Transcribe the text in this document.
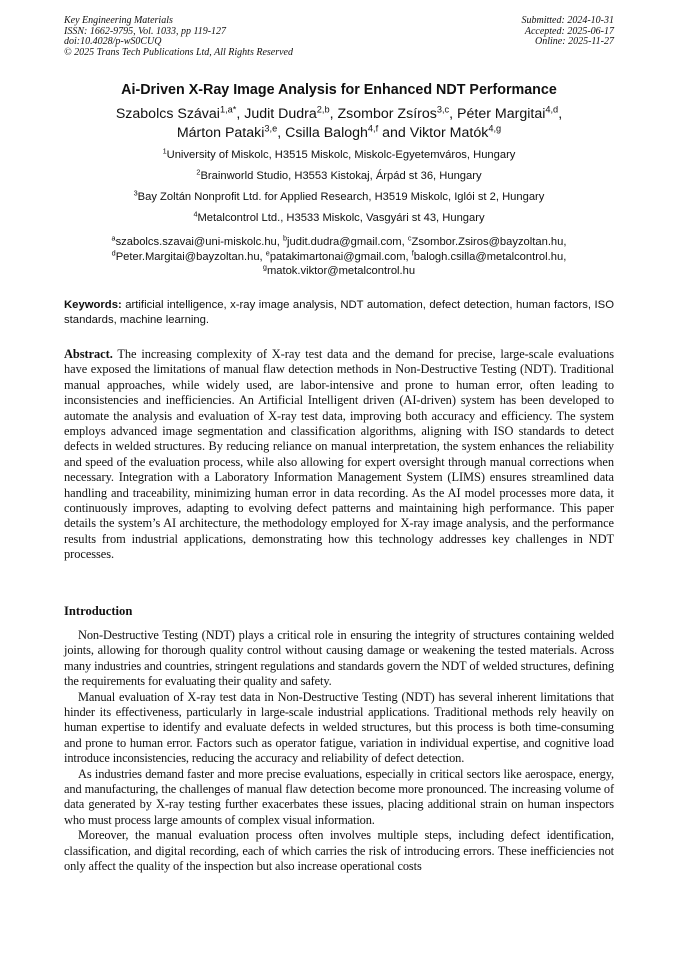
Key Engineering Materials
ISSN: 1662-9795, Vol. 1033, pp 119-127
doi:10.4028/p-wS0CUQ
© 2025 Trans Tech Publications Ltd, All Rights Reserved
Submitted: 2024-10-31
Accepted: 2025-06-17
Online: 2025-11-27
Ai-Driven X-Ray Image Analysis for Enhanced NDT Performance
Szabolcs Szávai$^{1,a*}$, Judit Dudra$^{2,b}$, Zsombor Zsíros$^{3,c}$, Péter Margitai$^{4,d}$,
Márton Pataki$^{3,e}$, Csilla Balogh$^{4,f}$ and Viktor Matók$^{4,g}$
$^1$University of Miskolc, H3515 Miskolc, Miskolc-Egyetemváros, Hungary
$^2$Brainworld Studio, H3553 Kistokaj, Árpád st 36, Hungary
$^3$Bay Zoltán Nonprofit Ltd. for Applied Research, H3519 Miskolc, Iglói st 2, Hungary
$^4$Metalcontrol Ltd., H3533 Miskolc, Vasgyári st 43, Hungary
$^a$szabolcs.szavai@uni-miskolc.hu, $^b$judit.dudra@gmail.com, $^c$Zsombor.Zsiros@bayzoltan.hu,
$^d$Peter.Margitai@bayzoltan.hu, $^e$patakimartonai@gmail.com, $^f$balogh.csilla@metalcontrol.hu,
$^g$matok.viktor@metalcontrol.hu
Keywords: artificial intelligence, x-ray image analysis, NDT automation, defect detection, human factors, ISO standards, machine learning.
Abstract. The increasing complexity of X-ray test data and the demand for precise, large-scale evaluations have exposed the limitations of manual flaw detection methods in Non-Destructive Testing (NDT). Traditional manual approaches, while widely used, are labor-intensive and prone to human error, often leading to inconsistencies and inefficiencies. An Artificial Intelligent driven (AI-driven) system has been developed to automate the analysis and evaluation of X-ray test data, improving both accuracy and efficiency. The system employs advanced image segmentation and classification algorithms, aligning with ISO standards to detect defects in welded structures. By reducing reliance on manual interpretation, the system enhances the reliability and speed of the evaluation process, while also allowing for expert oversight through manual corrections when necessary. Integration with a Laboratory Information Management System (LIMS) ensures streamlined data handling and traceability, minimizing human error in data recording. As the AI model processes more data, it continuously improves, adapting to evolving defect patterns and maintaining high performance. This paper details the system’s AI architecture, the methodology employed for X-ray image analysis, and the performance results from industrial applications, demonstrating how this technology addresses key challenges in NDT processes.
Introduction

Non-Destructive Testing (NDT) plays a critical role in ensuring the integrity of structures containing welded joints, allowing for thorough quality control without causing damage or weakening the tested materials. Across many industries and countries, stringent regulations and standards govern the NDT of welded structures, defining the requirements for evaluating their quality and safety.

Manual evaluation of X-ray test data in Non-Destructive Testing (NDT) has several inherent limitations that hinder its effectiveness, particularly in large-scale industrial applications. Traditional methods rely heavily on human expertise to identify and evaluate defects in welded structures, but this process is both time-consuming and prone to human error. Factors such as operator fatigue, variation in individual expertise, and cognitive load introduce inconsistencies, reducing the accuracy and reliability of defect detection.

As industries demand faster and more precise evaluations, especially in critical sectors like aerospace, energy, and manufacturing, the challenges of manual flaw detection become more pronounced. The increasing volume of data generated by X-ray testing further exacerbates these issues, placing additional strain on human inspectors who must process large amounts of complex visual information.

Moreover, the manual evaluation process often involves multiple steps, including defect identification, classification, and digital recording, each of which carries the risk of introducing errors. These inefficiencies not only affect the quality of the inspection but also increase operational costs
